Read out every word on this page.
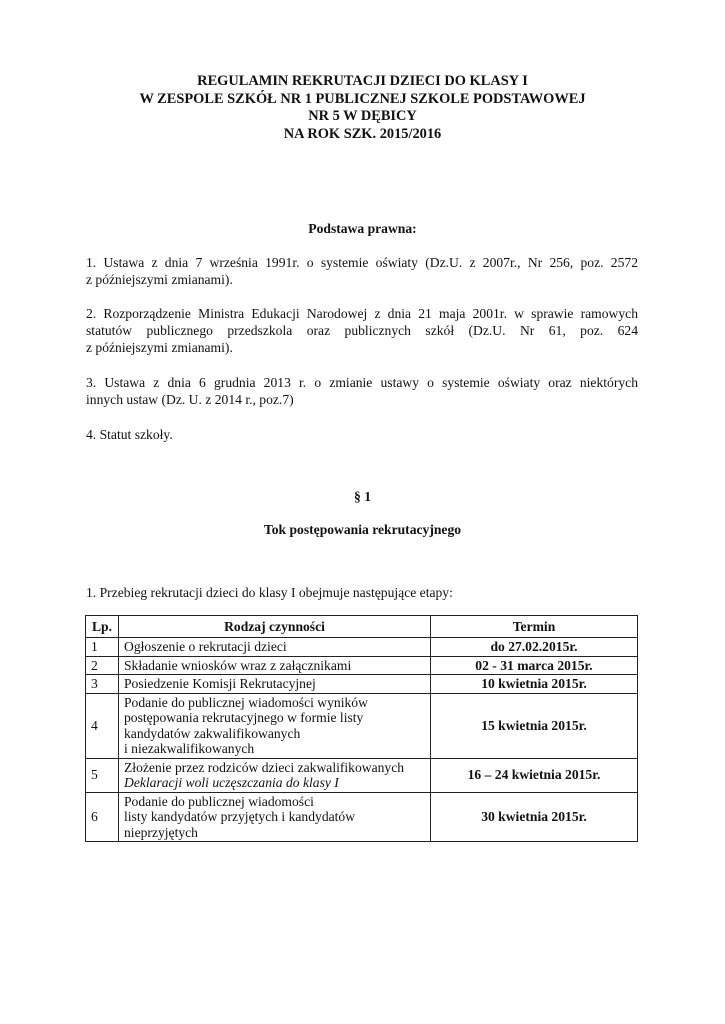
REGULAMIN REKRUTACJI DZIECI DO KLASY I
W ZESPOLE SZKÓŁ NR 1 PUBLICZNEJ SZKOLE PODSTAWOWEJ
NR 5 W DĘBICY
NA ROK SZK. 2015/2016
Podstawa prawna:
1. Ustawa z dnia 7 września 1991r. o systemie oświaty (Dz.U. z 2007r., Nr 256, poz. 2572
z późniejszymi zmianami).
2. Rozporządzenie Ministra Edukacji Narodowej z dnia 21 maja 2001r. w sprawie ramowych
statutów publicznego przedszkola oraz publicznych szkół (Dz.U. Nr 61, poz. 624
z późniejszymi zmianami).
3. Ustawa z dnia 6 grudnia 2013 r. o zmianie ustawy o systemie oświaty oraz niektórych
innych ustaw (Dz. U. z 2014 r., poz.7)
4. Statut szkoły.
§ 1
Tok postępowania rekrutacyjnego
1. Przebieg rekrutacji dzieci do klasy I obejmuje następujące etapy:
Lp.	Rodzaj czynności	Termin
1	Ogłoszenie o rekrutacji dzieci	do 27.02.2015r.
2	Składanie wniosków wraz z załącznikami	02 - 31 marca 2015r.
3	Posiedzenie Komisji Rekrutacyjnej	10 kwietnia 2015r.
4	Podanie do publicznej wiadomości wyników
postępowania rekrutacyjnego w formie listy
kandydatów zakwalifikowanych
i niezakwalifikowanych	15 kwietnia 2015r.
5	Złożenie przez rodziców dzieci zakwalifikowanych
Deklaracji woli uczęszczania do klasy I	16 – 24 kwietnia 2015r.
6	Podanie do publicznej wiadomości
listy kandydatów przyjętych i kandydatów
nieprzyjętych	30 kwietnia 2015r.
